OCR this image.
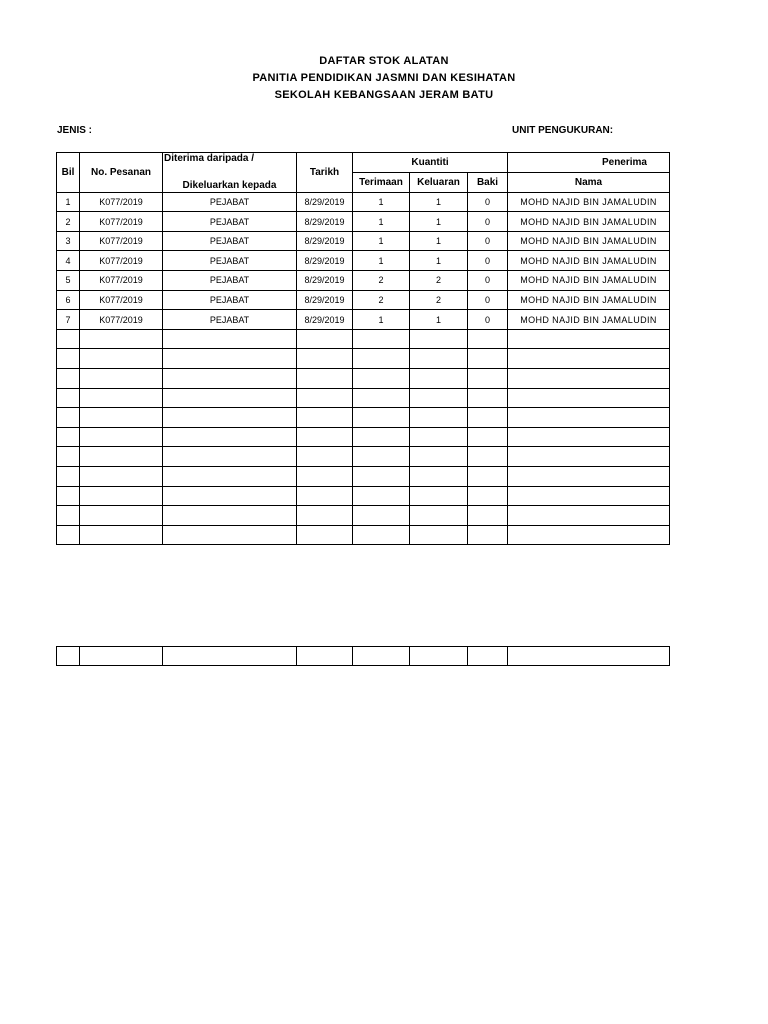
DAFTAR STOK ALATAN
PANITIA PENDIDIKAN JASMNI DAN KESIHATAN
SEKOLAH KEBANGSAAN JERAM BATU
JENIS :	UNIT PENGUKURAN:
Bil	No. Pesanan	Diterima daripada /	Tarikh	Kuantiti			Penerima
		Dikeluarkan kepada		Terimaan	Keluaran	Baki	Nama
1	K077/2019	PEJABAT	8/29/2019	1	1	0	MOHD NAJID BIN JAMALUDIN
2	K077/2019	PEJABAT	8/29/2019	1	1	0	MOHD NAJID BIN JAMALUDIN
3	K077/2019	PEJABAT	8/29/2019	1	1	0	MOHD NAJID BIN JAMALUDIN
4	K077/2019	PEJABAT	8/29/2019	1	1	0	MOHD NAJID BIN JAMALUDIN
5	K077/2019	PEJABAT	8/29/2019	2	2	0	MOHD NAJID BIN JAMALUDIN
6	K077/2019	PEJABAT	8/29/2019	2	2	0	MOHD NAJID BIN JAMALUDIN
7	K077/2019	PEJABAT	8/29/2019	1	1	0	MOHD NAJID BIN JAMALUDIN
